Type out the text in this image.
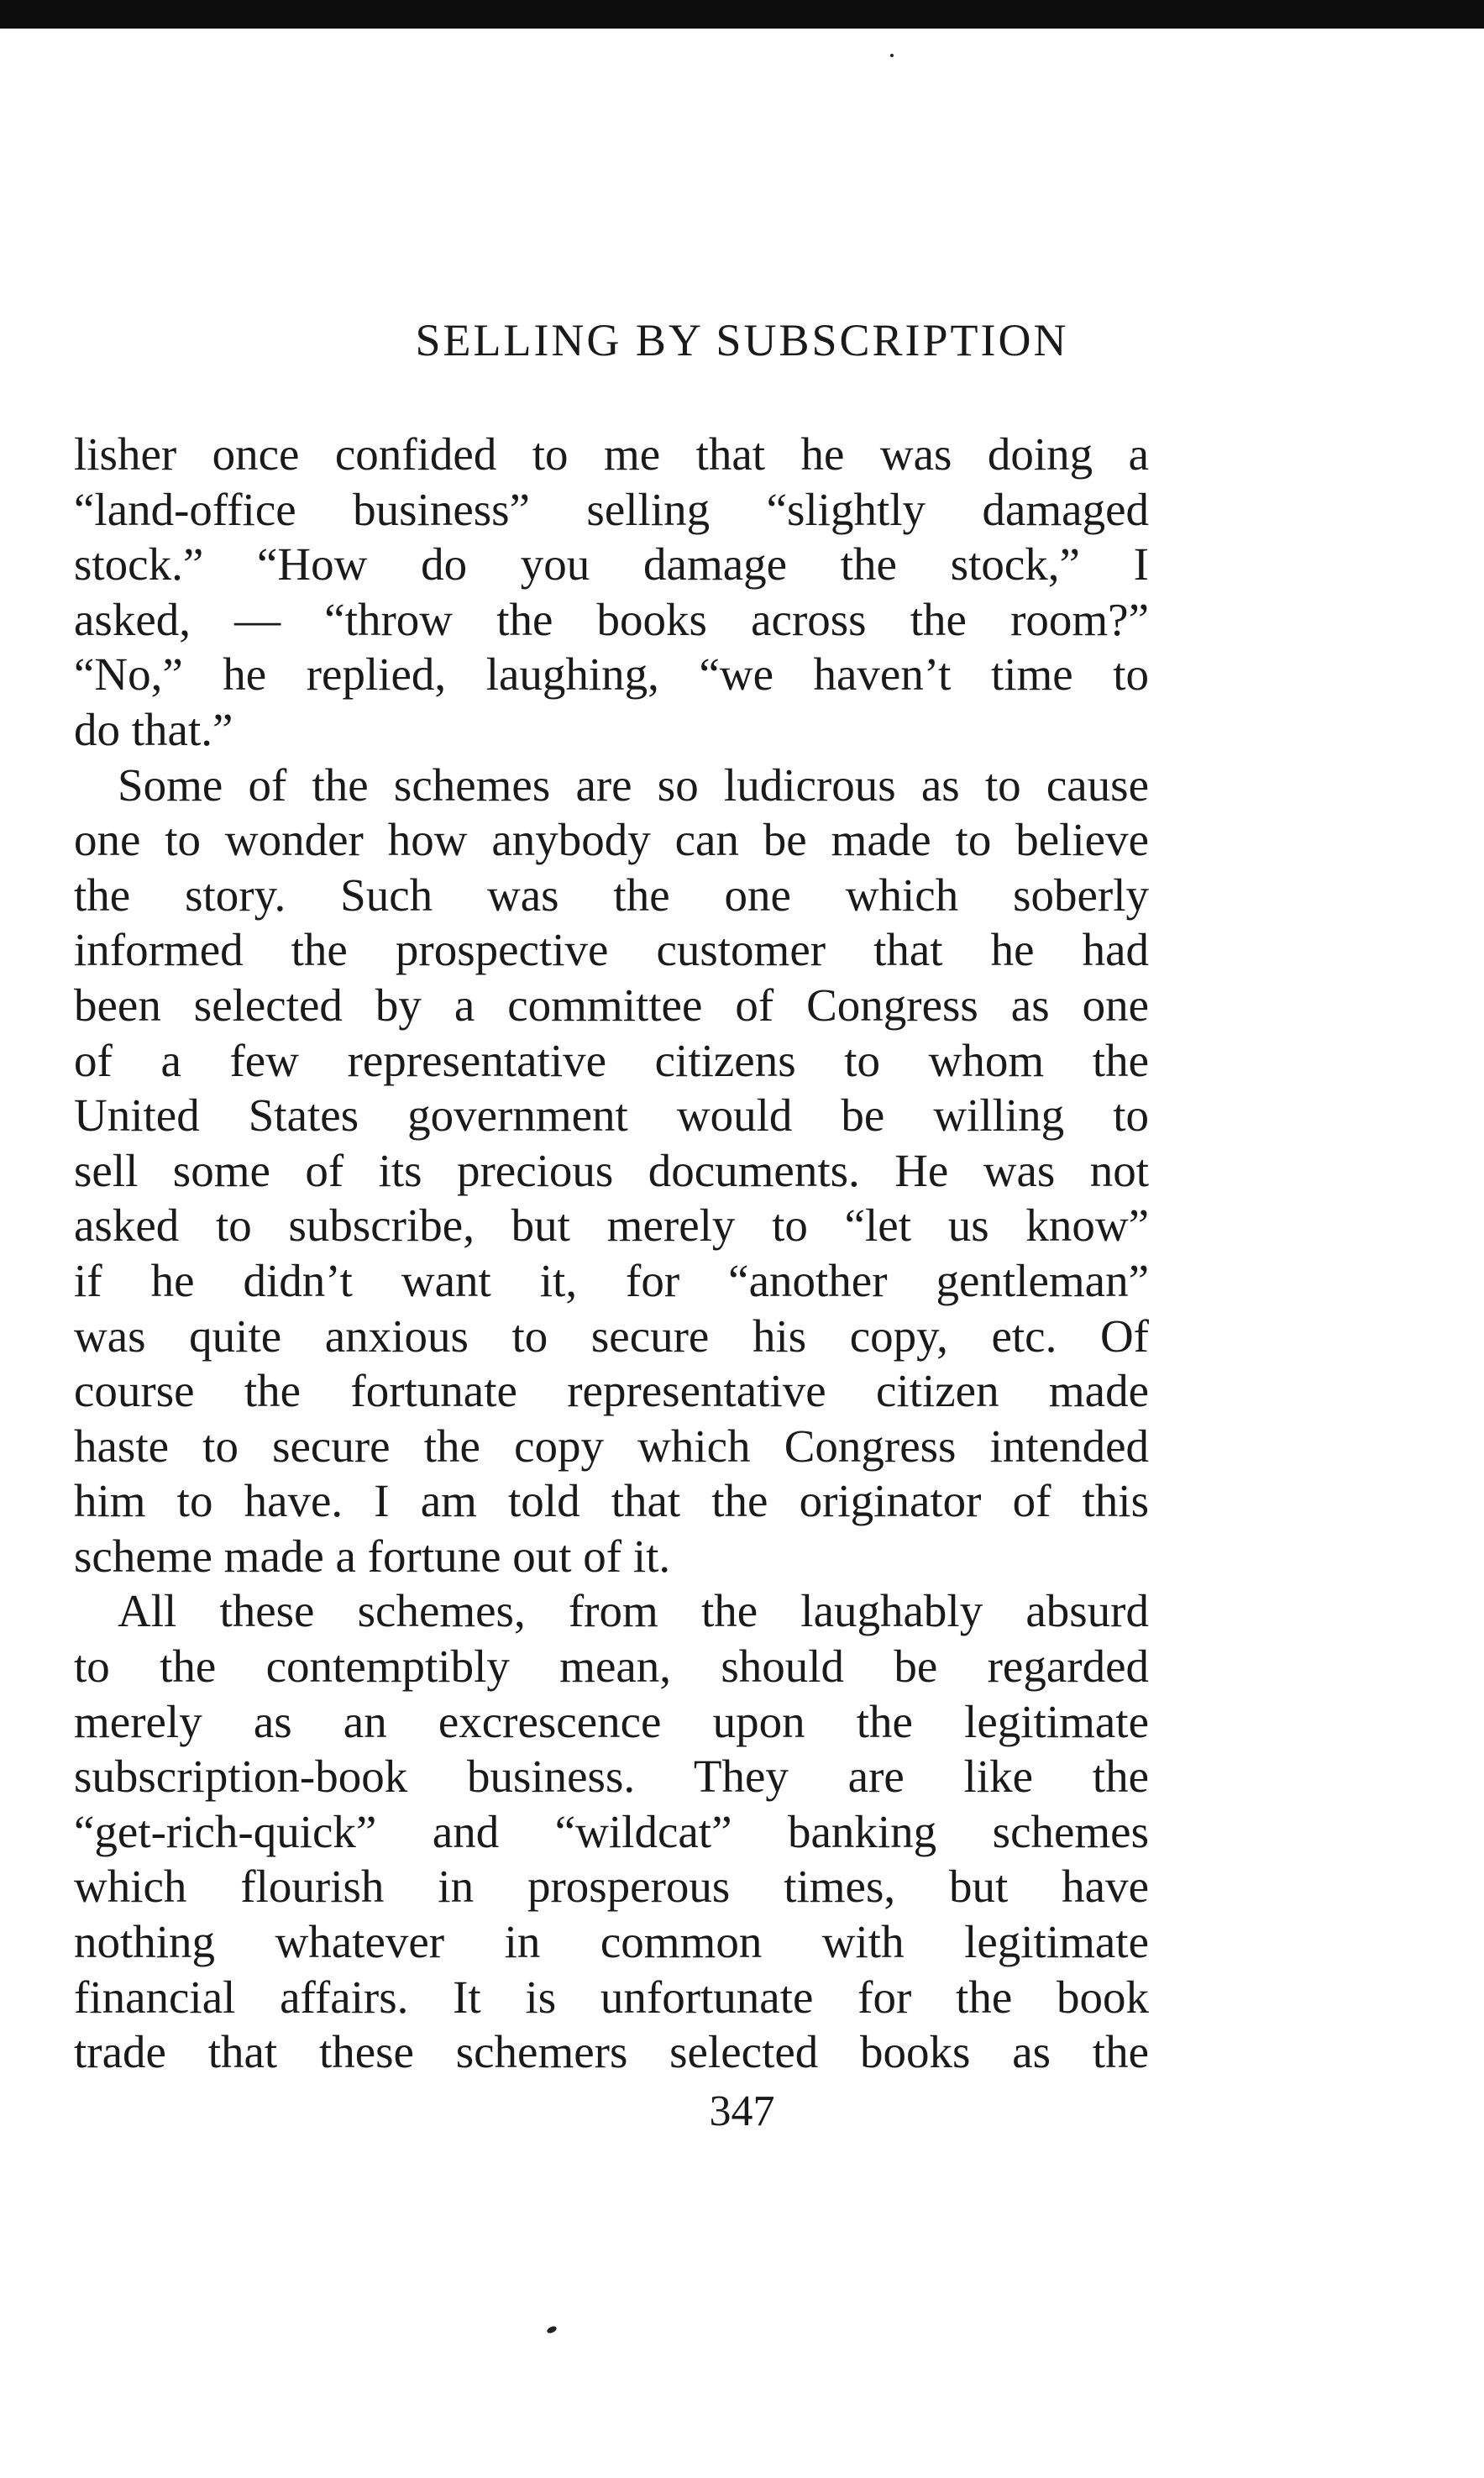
SELLING BY SUBSCRIPTION
lisher once confided to me that he was doing a
“land-office business” selling “slightly damaged
stock.” “How do you damage the stock,” I
asked, — “throw the books across the room?”
“No,” he replied, laughing, “we haven’t time to
do that.”
Some of the schemes are so ludicrous as to cause
one to wonder how anybody can be made to believe
the story. Such was the one which soberly
informed the prospective customer that he had
been selected by a committee of Congress as one
of a few representative citizens to whom the
United States government would be willing to
sell some of its precious documents. He was not
asked to subscribe, but merely to “let us know”
if he didn’t want it, for “another gentleman”
was quite anxious to secure his copy, etc. Of
course the fortunate representative citizen made
haste to secure the copy which Congress intended
him to have. I am told that the originator of this
scheme made a fortune out of it.
All these schemes, from the laughably absurd
to the contemptibly mean, should be regarded
merely as an excrescence upon the legitimate
subscription-book business. They are like the
“get-rich-quick” and “wildcat” banking schemes
which flourish in prosperous times, but have
nothing whatever in common with legitimate
financial affairs. It is unfortunate for the book
trade that these schemers selected books as the
347
